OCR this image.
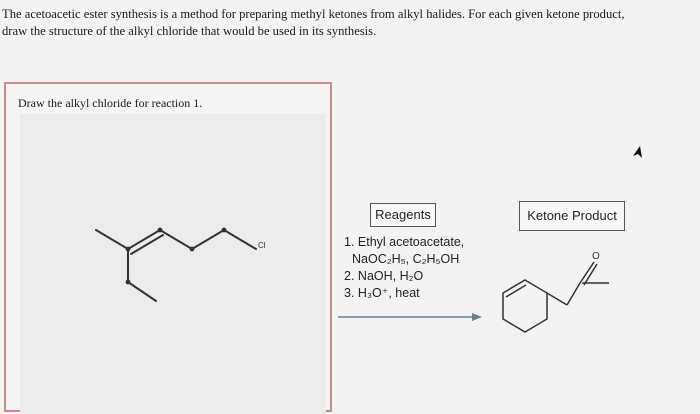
The acetoacetic ester synthesis is a method for preparing methyl ketones from alkyl halides. For each given ketone product,

draw the structure of the alkyl chloride that would be used in its synthesis.

Draw the alkyl chloride for reaction 1.
Cl
Reagents	Ketone Product
1. Ethyl acetoacetate,
NaOC₂H₅, C₂H₅OH
2. NaOH, H₂O
3. H₃O⁺, heat
O
